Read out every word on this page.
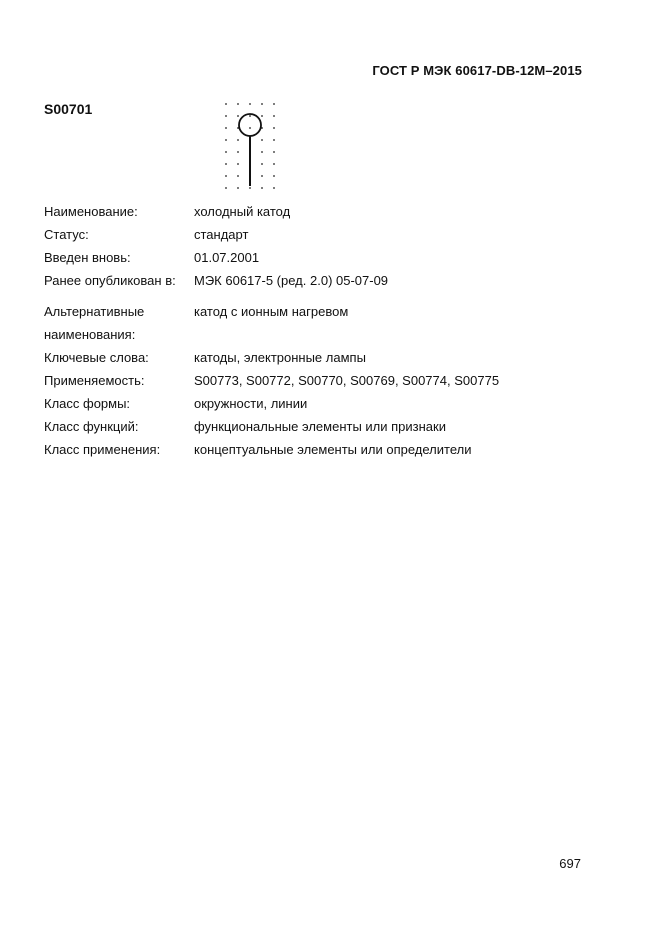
ГОСТ Р МЭК 60617-DB-12M–2015
S00701
Наименование:	холодный катод
Статус:	стандарт
Введен вновь:	01.07.2001
Ранее опубликован в:	МЭК 60617-5 (ред. 2.0) 05-07-09
Альтернативные наименования:
катод с ионным нагревом
Ключевые слова:	катоды, электронные лампы
Применяемость:	S00773, S00772, S00770, S00769, S00774, S00775
Класс формы:	окружности, линии
Класс функций:	функциональные элементы или признаки
Класс применения:	концептуальные элементы или определители
697
